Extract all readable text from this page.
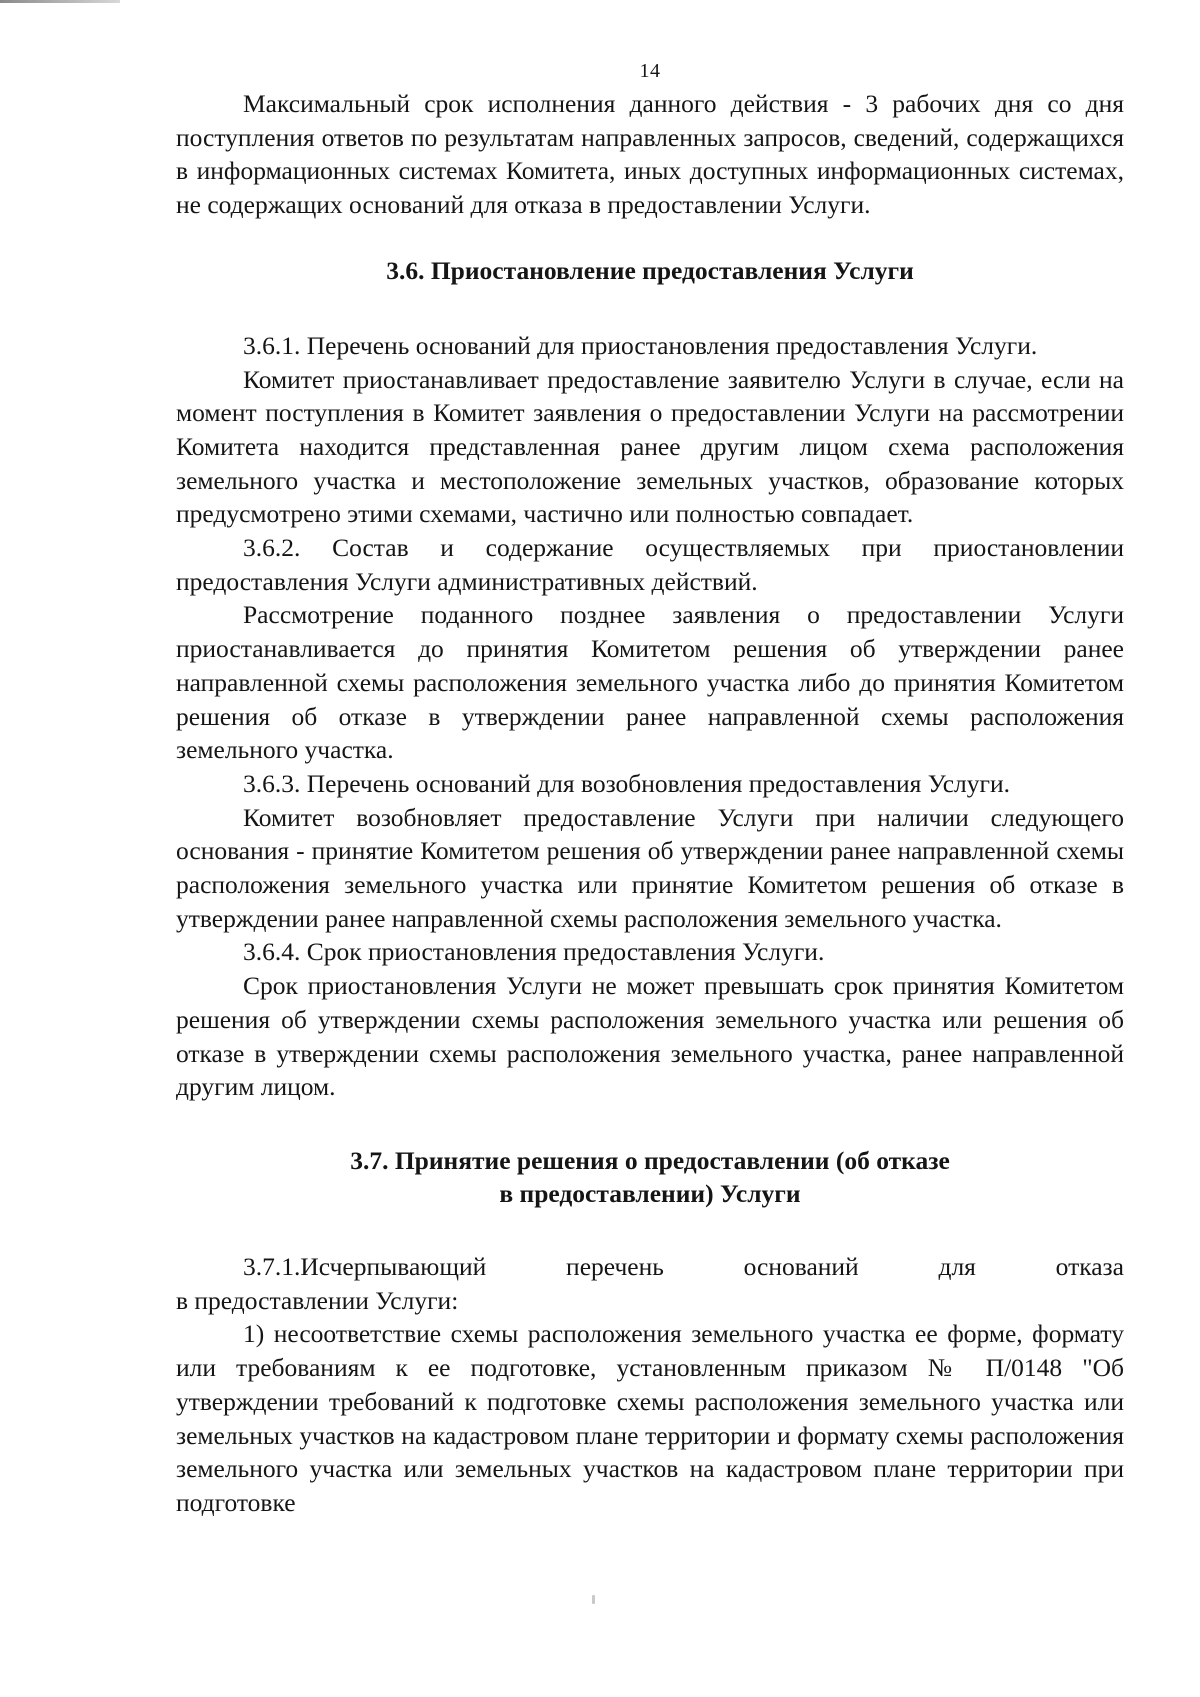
14

Максимальный срок исполнения данного действия - 3 рабочих дня со дня поступления ответов по результатам направленных запросов, сведений, содержащихся в информационных системах Комитета, иных доступных информационных системах, не содержащих оснований для отказа в предоставлении Услуги.

3.6. Приостановление предоставления Услуги

3.6.1. Перечень оснований для приостановления предоставления Услуги.

Комитет приостанавливает предоставление заявителю Услуги в случае, если на момент поступления в Комитет заявления о предоставлении Услуги на рассмотрении Комитета находится представленная ранее другим лицом схема расположения земельного участка и местоположение земельных участков, образование которых предусмотрено этими схемами, частично или полностью совпадает.

3.6.2. Состав и содержание осуществляемых при приостановлении предоставления Услуги административных действий.

Рассмотрение поданного позднее заявления о предоставлении Услуги приостанавливается до принятия Комитетом решения об утверждении ранее направленной схемы расположения земельного участка либо до принятия Комитетом решения об отказе в утверждении ранее направленной схемы расположения земельного участка.

3.6.3. Перечень оснований для возобновления предоставления Услуги.

Комитет возобновляет предоставление Услуги при наличии следующего основания - принятие Комитетом решения об утверждении ранее направленной схемы расположения земельного участка или принятие Комитетом решения об отказе в утверждении ранее направленной схемы расположения земельного участка.

3.6.4. Срок приостановления предоставления Услуги.

Срок приостановления Услуги не может превышать срок принятия Комитетом решения об утверждении схемы расположения земельного участка или решения об отказе в утверждении схемы расположения земельного участка, ранее направленной другим лицом.

3.7. Принятие решения о предоставлении (об отказе
в предоставлении) Услуги
3.7.1.Исчерпывающий	перечень	оснований	для	отказа

в предоставлении Услуги:

1) несоответствие схемы расположения земельного участка ее форме, формату или требованиям к ее подготовке, установленным приказом № П/0148 "Об утверждении требований к подготовке схемы расположения земельного участка или земельных участков на кадастровом плане территории и формату схемы расположения земельного участка или земельных участков на кадастровом плане территории при подготовке
